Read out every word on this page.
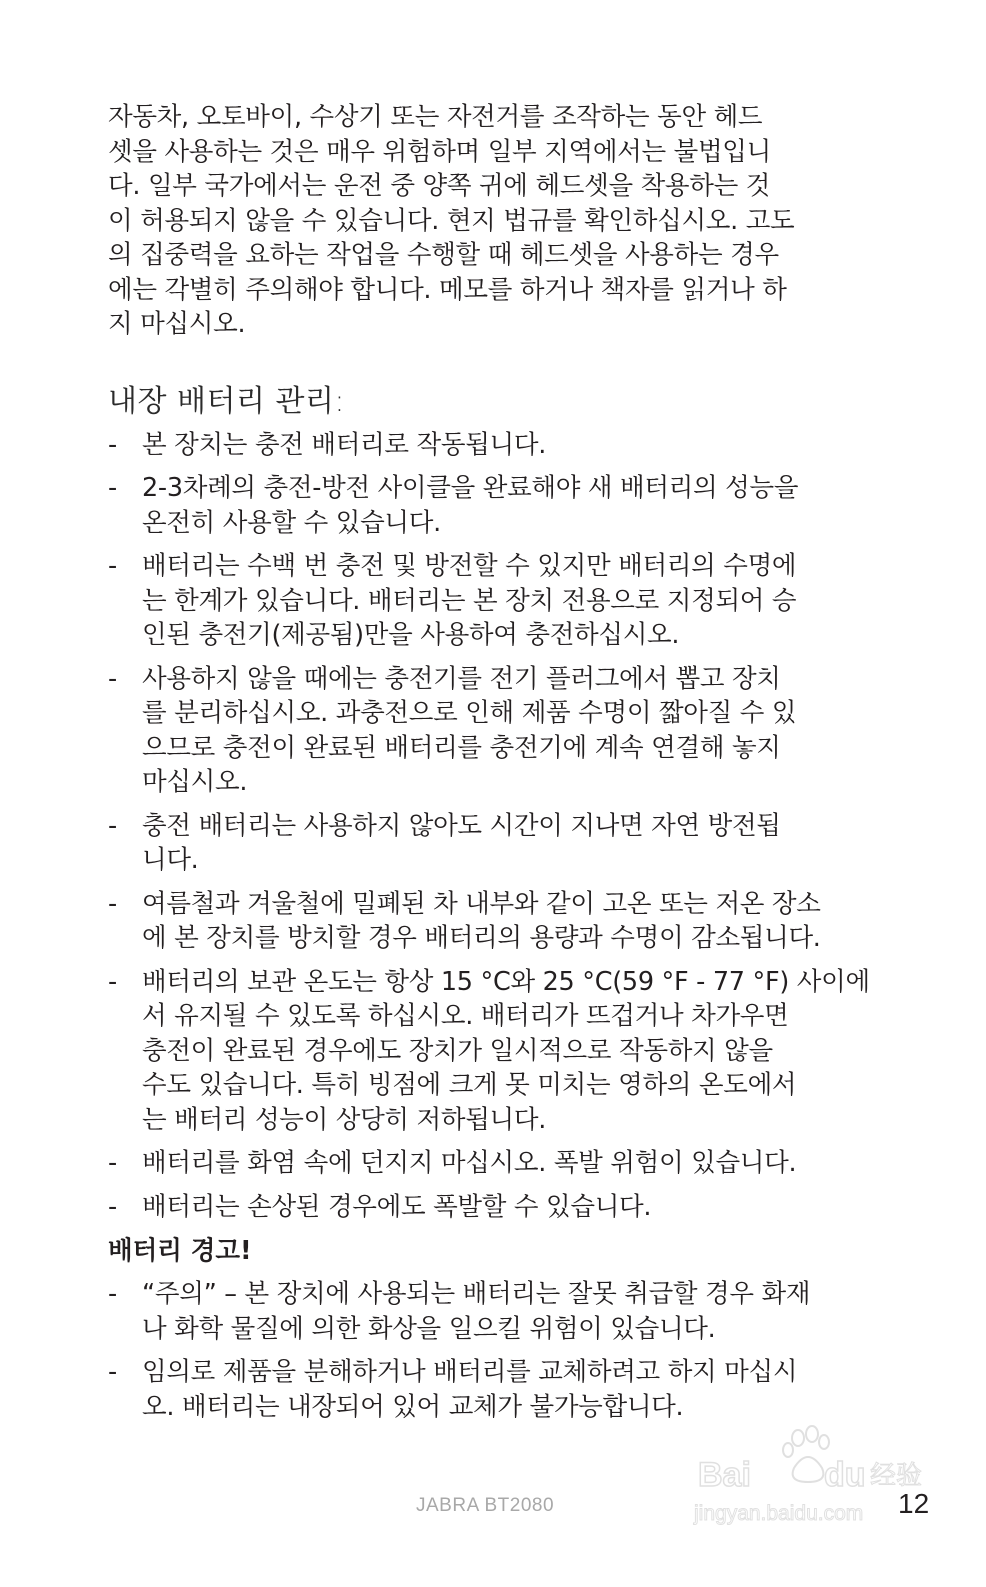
자동차, 오토바이, 수상기 또는 자전거를 조작하는 동안 헤드
셋을 사용하는 것은 매우 위험하며 일부 지역에서는 불법입니
다. 일부 국가에서는 운전 중 양쪽 귀에 헤드셋을 착용하는 것
이 허용되지 않을 수 있습니다. 현지 법규를 확인하십시오. 고도
의 집중력을 요하는 작업을 수행할 때 헤드셋을 사용하는 경우
에는 각별히 주의해야 합니다. 메모를 하거나 책자를 읽거나 하
지 마십시오.

내장 배터리 관리:
- 본 장치는 충전 배터리로 작동됩니다.
- 2-3차례의 충전-방전 사이클을 완료해야 새 배터리의 성능을
온전히 사용할 수 있습니다.
- 배터리는 수백 번 충전 및 방전할 수 있지만 배터리의 수명에
는 한계가 있습니다. 배터리는 본 장치 전용으로 지정되어 승
인된 충전기(제공됨)만을 사용하여 충전하십시오.
- 사용하지 않을 때에는 충전기를 전기 플러그에서 뽑고 장치
를 분리하십시오. 과충전으로 인해 제품 수명이 짧아질 수 있
으므로 충전이 완료된 배터리를 충전기에 계속 연결해 놓지
마십시오.
- 충전 배터리는 사용하지 않아도 시간이 지나면 자연 방전됩
니다.
- 여름철과 겨울철에 밀폐된 차 내부와 같이 고온 또는 저온 장소
에 본 장치를 방치할 경우 배터리의 용량과 수명이 감소됩니다.
- 배터리의 보관 온도는 항상 15 °C와 25 °C(59 °F - 77 °F) 사이에
서 유지될 수 있도록 하십시오. 배터리가 뜨겁거나 차가우면
충전이 완료된 경우에도 장치가 일시적으로 작동하지 않을
수도 있습니다. 특히 빙점에 크게 못 미치는 영하의 온도에서
는 배터리 성능이 상당히 저하됩니다.
- 배터리를 화염 속에 던지지 마십시오. 폭발 위험이 있습니다.
- 배터리는 손상된 경우에도 폭발할 수 있습니다.
배터리 경고!
- “주의” – 본 장치에 사용되는 배터리는 잘못 취급할 경우 화재
나 화학 물질에 의한 화상을 일으킬 위험이 있습니다.
- 임의로 제품을 분해하거나 배터리를 교체하려고 하지 마십시
오. 배터리는 내장되어 있어 교체가 불가능합니다.
JABRA BT2080	12
Bai du 经验
jingyan.baidu.com
